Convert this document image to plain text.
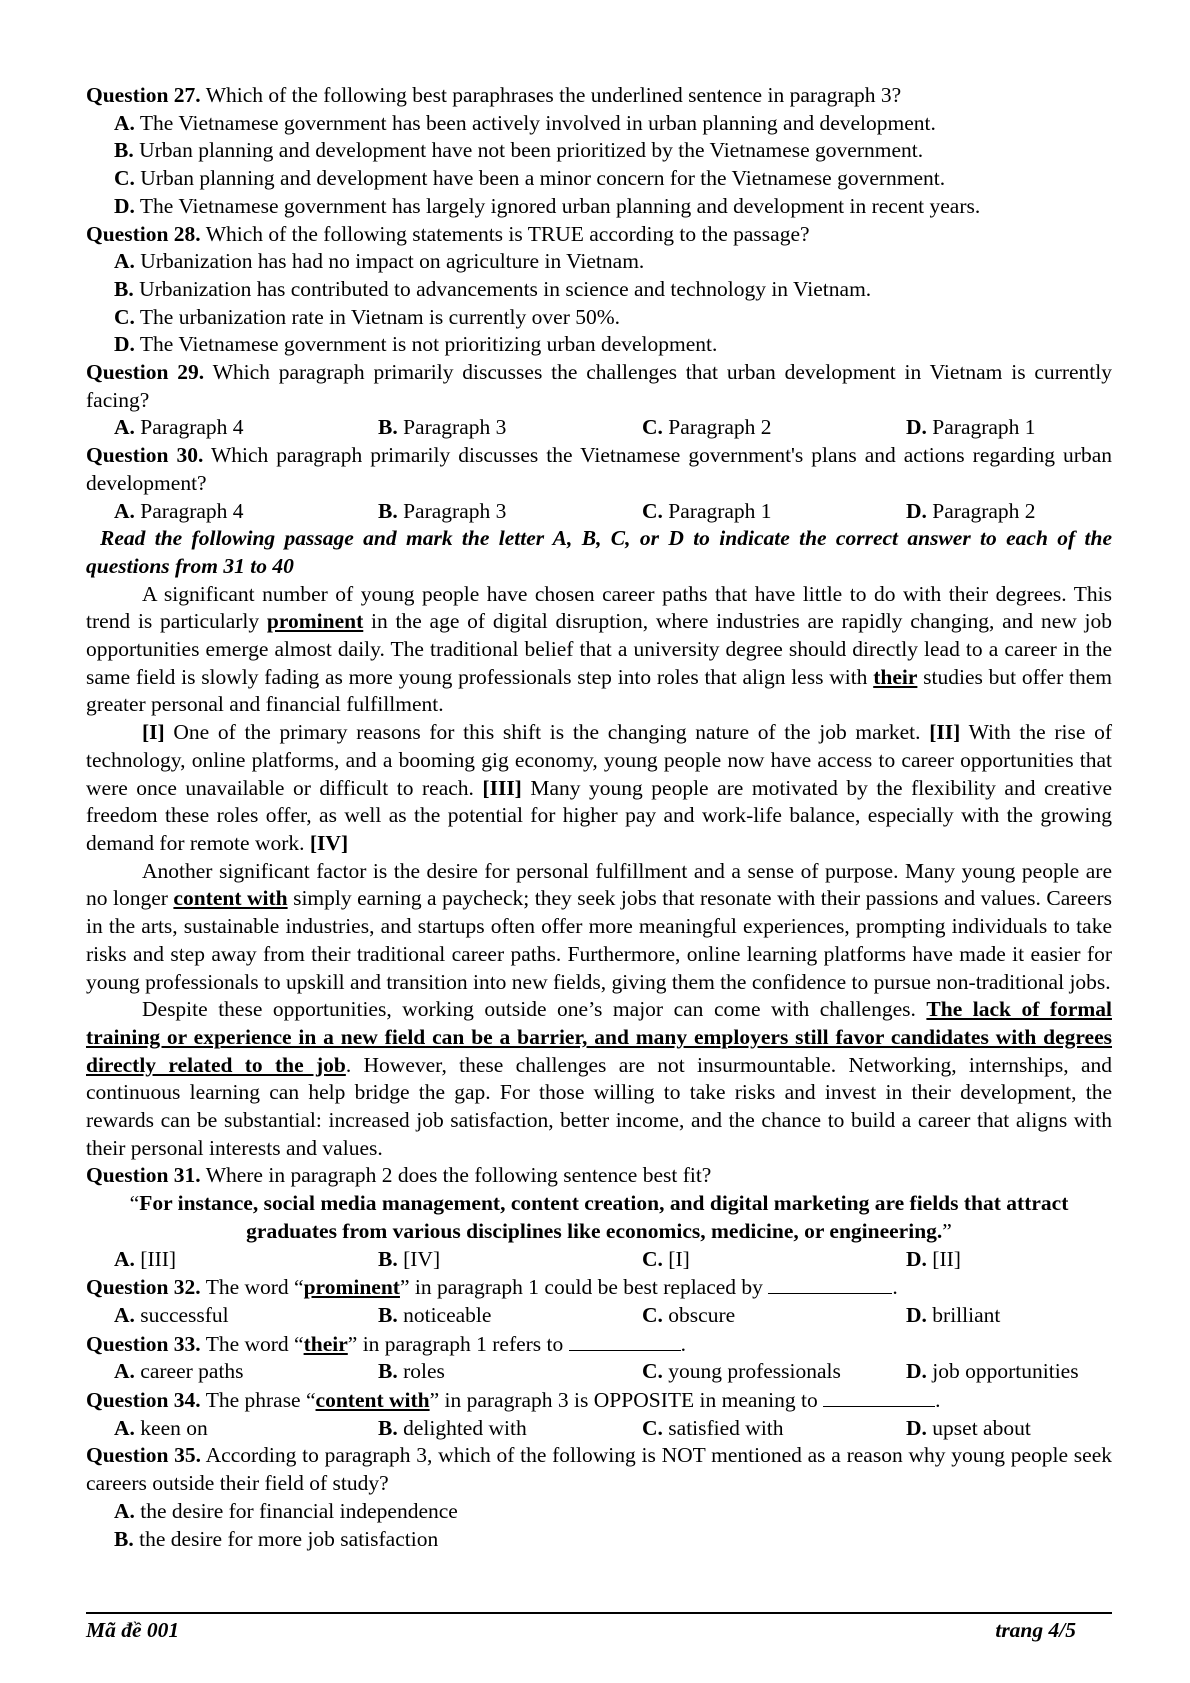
Question 27. Which of the following best paraphrases the underlined sentence in paragraph 3?

A. The Vietnamese government has been actively involved in urban planning and development.

B. Urban planning and development have not been prioritized by the Vietnamese government.

C. Urban planning and development have been a minor concern for the Vietnamese government.

D. The Vietnamese government has largely ignored urban planning and development in recent years.

Question 28. Which of the following statements is TRUE according to the passage?

A. Urbanization has had no impact on agriculture in Vietnam.

B. Urbanization has contributed to advancements in science and technology in Vietnam.

C. The urbanization rate in Vietnam is currently over 50%.

D. The Vietnamese government is not prioritizing urban development.

Question 29. Which paragraph primarily discusses the challenges that urban development in Vietnam is currently facing?

A. Paragraph 4	B. Paragraph 3	C. Paragraph 2	D. Paragraph 1

Question 30. Which paragraph primarily discusses the Vietnamese government's plans and actions regarding urban development?

A. Paragraph 4	B. Paragraph 3	C. Paragraph 1	D. Paragraph 2

Read the following passage and mark the letter A, B, C, or D to indicate the correct answer to each of the questions from 31 to 40

A significant number of young people have chosen career paths that have little to do with their degrees. This trend is particularly prominent in the age of digital disruption, where industries are rapidly changing, and new job opportunities emerge almost daily. The traditional belief that a university degree should directly lead to a career in the same field is slowly fading as more young professionals step into roles that align less with their studies but offer them greater personal and financial fulfillment.

[I] One of the primary reasons for this shift is the changing nature of the job market. [II] With the rise of technology, online platforms, and a booming gig economy, young people now have access to career opportunities that were once unavailable or difficult to reach. [III] Many young people are motivated by the flexibility and creative freedom these roles offer, as well as the potential for higher pay and work-life balance, especially with the growing demand for remote work. [IV]

Another significant factor is the desire for personal fulfillment and a sense of purpose. Many young people are no longer content with simply earning a paycheck; they seek jobs that resonate with their passions and values. Careers in the arts, sustainable industries, and startups often offer more meaningful experiences, prompting individuals to take risks and step away from their traditional career paths. Furthermore, online learning platforms have made it easier for young professionals to upskill and transition into new fields, giving them the confidence to pursue non-traditional jobs.

Despite these opportunities, working outside one’s major can come with challenges. The lack of formal training or experience in a new field can be a barrier, and many employers still favor candidates with degrees directly related to the job. However, these challenges are not insurmountable. Networking, internships, and continuous learning can help bridge the gap. For those willing to take risks and invest in their development, the rewards can be substantial: increased job satisfaction, better income, and the chance to build a career that aligns with their personal interests and values.

Question 31. Where in paragraph 2 does the following sentence best fit?

“For instance, social media management, content creation, and digital marketing are fields that attract graduates from various disciplines like economics, medicine, or engineering.”

A. [III]	B. [IV]	C. [I]	D. [II]

Question 32. The word “prominent” in paragraph 1 could be best replaced by	.

A. successful	B. noticeable	C. obscure	D. brilliant

Question 33. The word “their” in paragraph 1 refers to	.

A. career paths	B. roles	C. young professionals	D. job opportunities

Question 34. The phrase “content with” in paragraph 3 is OPPOSITE in meaning to	.

A. keen on	B. delighted with	C. satisfied with	D. upset about

Question 35. According to paragraph 3, which of the following is NOT mentioned as a reason why young people seek careers outside their field of study?

A. the desire for financial independence

B. the desire for more job satisfaction

Mã đề 001	trang 4/5
